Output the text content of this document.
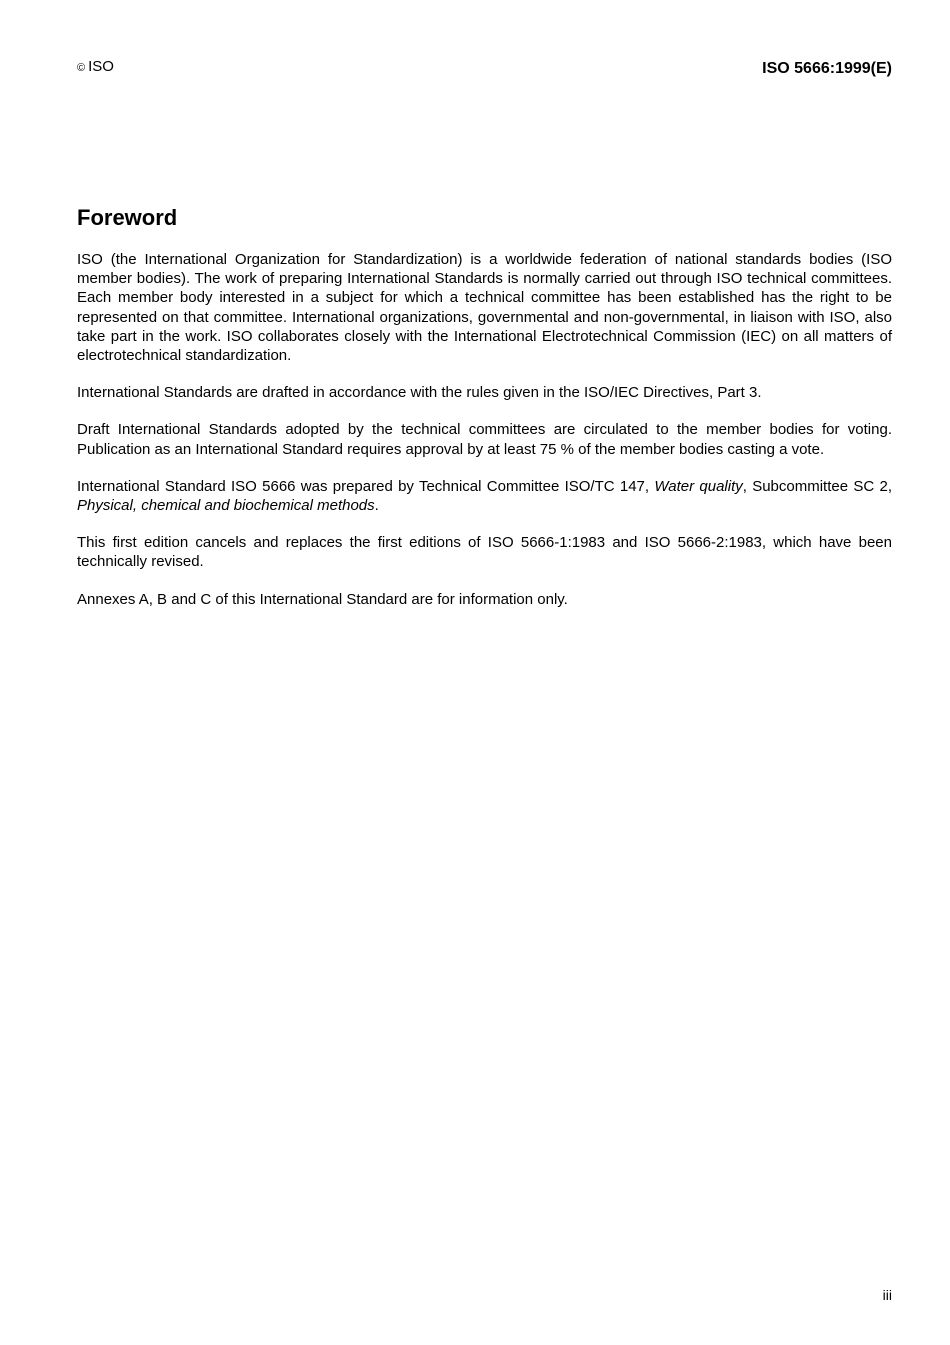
© ISO	ISO 5666:1999(E)
Foreword

ISO (the International Organization for Standardization) is a worldwide federation of national standards bodies (ISO member bodies). The work of preparing International Standards is normally carried out through ISO technical committees. Each member body interested in a subject for which a technical committee has been established has the right to be represented on that committee. International organizations, governmental and non-governmental, in liaison with ISO, also take part in the work. ISO collaborates closely with the International Electrotechnical Commission (IEC) on all matters of electrotechnical standardization.

International Standards are drafted in accordance with the rules given in the ISO/IEC Directives, Part 3.

Draft International Standards adopted by the technical committees are circulated to the member bodies for voting. Publication as an International Standard requires approval by at least 75 % of the member bodies casting a vote.

International Standard ISO 5666 was prepared by Technical Committee ISO/TC 147, Water quality, Subcommittee SC 2, Physical, chemical and biochemical methods.

This first edition cancels and replaces the first editions of ISO 5666-1:1983 and ISO 5666-2:1983, which have been technically revised.

Annexes A, B and C of this International Standard are for information only.

iii
